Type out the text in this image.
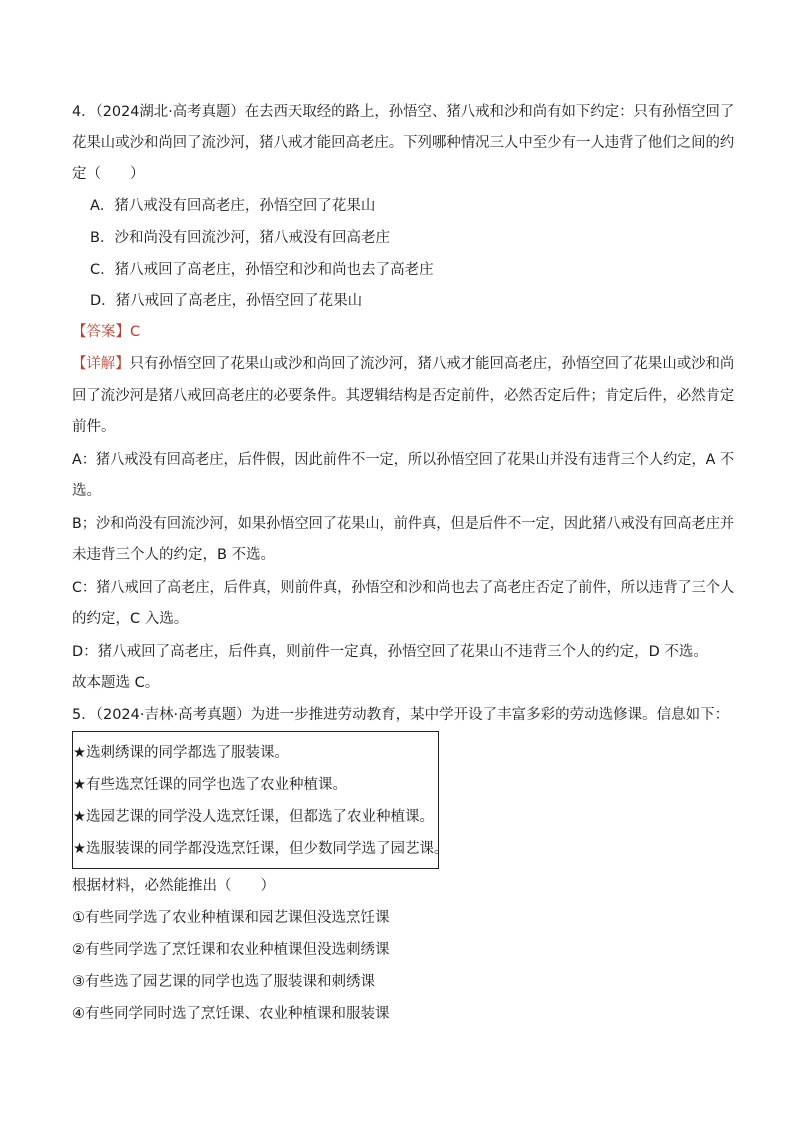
4．（2024湖北·高考真题）在去西天取经的路上，孙悟空、猪八戒和沙和尚有如下约定：只有孙悟空回了
花果山或沙和尚回了流沙河，猪八戒才能回高老庄。下列哪种情况三人中至少有一人违背了他们之间的约
定（　　）
A．猪八戒没有回高老庄，孙悟空回了花果山
B．沙和尚没有回流沙河，猪八戒没有回高老庄
C．猪八戒回了高老庄，孙悟空和沙和尚也去了高老庄
D．猪八戒回了高老庄，孙悟空回了花果山
【答案】C
【详解】只有孙悟空回了花果山或沙和尚回了流沙河，猪八戒才能回高老庄，孙悟空回了花果山或沙和尚
回了流沙河是猪八戒回高老庄的必要条件。其逻辑结构是否定前件，必然否定后件；肯定后件，必然肯定
前件。
A：猪八戒没有回高老庄，后件假，因此前件不一定，所以孙悟空回了花果山并没有违背三个人约定，A 不
选。
B；沙和尚没有回流沙河，如果孙悟空回了花果山，前件真，但是后件不一定，因此猪八戒没有回高老庄并
未违背三个人的约定，B 不选。
C：猪八戒回了高老庄，后件真，则前件真，孙悟空和沙和尚也去了高老庄否定了前件，所以违背了三个人
的约定，C 入选。
D：猪八戒回了高老庄，后件真，则前件一定真，孙悟空回了花果山不违背三个人的约定，D 不选。
故本题选 C。
5．（2024·吉林·高考真题）为进一步推进劳动教育，某中学开设了丰富多彩的劳动选修课。信息如下：
★选刺绣课的同学都选了服装课。
★有些选烹饪课的同学也选了农业种植课。
★选园艺课的同学没人选烹饪课，但都选了农业种植课。
★选服装课的同学都没选烹饪课，但少数同学选了园艺课。
根据材料，必然能推出（　　）
①有些同学选了农业种植课和园艺课但没选烹饪课
②有些同学选了烹饪课和农业种植课但没选刺绣课
③有些选了园艺课的同学也选了服装课和刺绣课
④有些同学同时选了烹饪课、农业种植课和服装课
